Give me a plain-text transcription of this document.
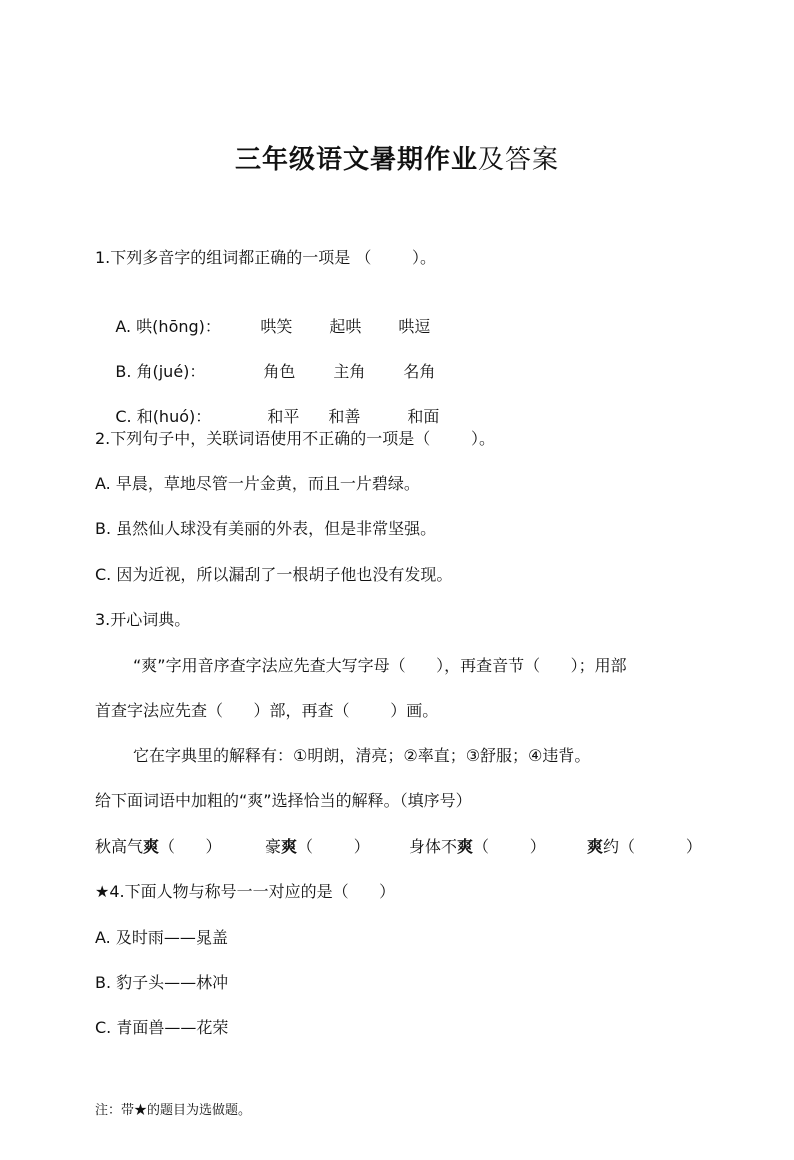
三年级语文暑期作业及答案
1.下列多音字的组词都正确的一项是 （        ）。

A. 哄(hōng)： 哄笑 起哄 哄逗

B. 角(jué)：	角色 主角 名角

C. 和(huó)：	和平 和善	和面

2.下列句子中，关联词语使用不正确的一项是（        ）。
A. 早晨，草地尽管一片金黄，而且一片碧绿。
B. 虽然仙人球没有美丽的外表，但是非常坚强。
C. 因为近视，所以漏刮了一根胡子他也没有发现。
3.开心词典。
“爽”字用音序查字法应先查大写字母（      ），再查音节（      ）；用部
首查字法应先查（      ）部，再查（        ）画。
它在字典里的解释有：①明朗，清亮；②率直；③舒服；④违背。
给下面词语中加粗的“爽”选择恰当的解释。（填序号）
秋高气爽（      ）	豪爽（        ） 身体不爽（        ）	爽约（          ）
★4.下面人物与称号一一对应的是（      ）
A. 及时雨——晁盖
B. 豹子头——林冲
C. 青面兽——花荣
注：带★的题目为选做题。
